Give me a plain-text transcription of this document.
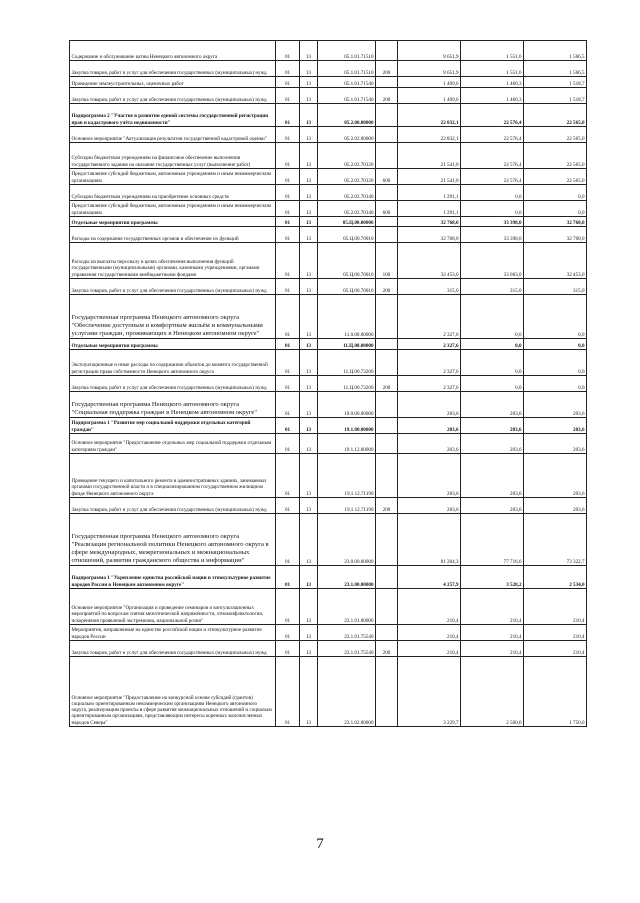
Содержание и обслуживание катны Ненецкого автономного округа	01	13	05.1.01.71510		8 651,9	1 551,6	1 566,5
Закупка товаров, работ и услуг для обеспечения государственных (муниципальных) нужд	01	13	05.1.01.71510	200	8 651,9	1 551,6	1 566,5
Проведение землеустроительных, оценочных работ	01	13	05.1.01.71540		1 409,6	1 460,3	1 518,7
Закупка товаров, работ и услуг для обеспечения государственных (муниципальных) нужд	01	13	05.1.01.71540	200	1 409,6	1 460,3	1 518,7
Подпрограмма 2 "Участие в развитии единой системы государственной регистрации прав и кадастрового учёта недвижимости"	01	13	05.2.00.00000		22 832,1	22 576,4	22 565,0
Основное мероприятие "Актуализация результатов государственной кадастровой оценки"	01	13	05.2.02.00000		22 832,1	22 576,4	22 565,0
Субсидии бюджетным учреждениям на финансовое обеспечение выполнения государственного задания на оказание государственных услуг (выполнение работ)	01	13	05.2.02.70120		21 541,0	22 576,4	22 565,0
Предоставление субсидий бюджетным, автономным учреждениям и иным некоммерческим организациям	01	13	05.2.02.70120	600	21 541,0	22 576,4	22 565,0
Субсидии бюджетным учреждениям на приобретение основных средств	01	13	05.2.02.70140		1 291,1	0,0	0,0
Предоставление субсидий бюджетным, автономным учреждениям и иным некоммерческим организациям	01	13	05.2.02.70140	600	1 291,1	0,0	0,0
Отдельные мероприятия программы	01	13	05.Ц.00.00000		32 768,0	33 398,0	32 768,0
Расходы на содержание государственных органов и обеспечение их функций	01	13	05.Ц.00.70010		32 768,0	33 398,0	32 768,0
Расходы на выплаты персоналу в целях обеспечения выполнения функций государственными (муниципальными) органами, казенными учреждениями, органами управления государственными внебюджетными фондами	01	13	05.Ц.00.70010	100	32 453,0	33 083,0	32 453,0
Закупка товаров, работ и услуг для обеспечения государственных (муниципальных) нужд	01	13	05.Ц.00.70010	200	315,0	315,0	315,0
Государственная программа Ненецкого автономного округа "Обеспечение доступным и комфортным жильём и коммунальными услугами граждан, проживающих в Ненецком автономном округе"	01	13	11.0.00.00000		2 327,6	0,0	0,0
Отдельные мероприятия программы	01	13	11.Ц.00.00000		2 327,6	0,0	0,0
Эксплуатационные и иные расходы по содержанию объектов до момента государственной регистрации права собственности Ненецкого автономного округа	01	13	11.Ц.00.73200		2 327,6	0,0	0,0
Закупка товаров, работ и услуг для обеспечения государственных (муниципальных) нужд	01	13	11.Ц.00.73200	200	2 327,6	0,0	0,0
Государственная программа Ненецкого автономного округа "Социальная поддержка граждан в Ненецком автономном округе"	01	13	19.0.00.00000		203,6	203,6	203,6
Подпрограмма 1 "Развитие мер социальной поддержки отдельных категорий граждан"	01	13	19.1.00.00000		203,6	203,6	203,6
Основное мероприятие "Предоставление отдельных мер социальной поддержки отдельным категориям граждан"	01	13	19.1.12.00000		203,6	203,6	203,6
Проведение текущего и капитального ремонта в административных зданиях, занимаемых органами государственной власти и в специализированном государственном жилищном фонде Ненецкого автономного округа	01	13	19.1.12.71190		203,6	203,6	203,6
Закупка товаров, работ и услуг для обеспечения государственных (муниципальных) нужд	01	13	19.1.12.71190	200	203,6	203,6	203,6
Государственная программа Ненецкого автономного округа "Реализация региональной политики Ненецкого автономного округа в сфере международных, межрегиональных и межнациональных отношений, развития гражданского общества и информации"	01	13	23.0.00.00000		81 204,3	77 716,6	73 322,7
Подпрограмма 1 "Укрепление единства российской нации и этнокультурное развитие народов России в Ненецком автономном округе"	01	13	23.1.00.00000		4 257,9	3 528,2	2 534,0
Основное мероприятие "Организация и проведение семинаров и консультационных мероприятий по вопросам снятия межэтнической напряжённости, этноконфликтологии, искоренения проявлений экстремизма, национальной розни"	01	13	23.1.01.00000		210,4	210,4	210,4
Мероприятия, направленные на единство российской нации и этнокультурное развитие народов России	01	13	23.1.01.75540		210,4	210,4	210,4
Закупка товаров, работ и услуг для обеспечения государственных (муниципальных) нужд	01	13	23.1.01.75540	200	210,4	210,4	210,4
Основное мероприятие "Предоставление на конкурсной основе субсидий (грантов) социально ориентированным некоммерческим организациям Ненецкого автономного округа, реализующим проекты в сфере развития межнациональных отношений и социально ориентированным организациям, представляющим интересы коренных малочисленных народов Севера"	01	13	23.1.02.00000		3 229,7	2 500,0	1 750,0
7
